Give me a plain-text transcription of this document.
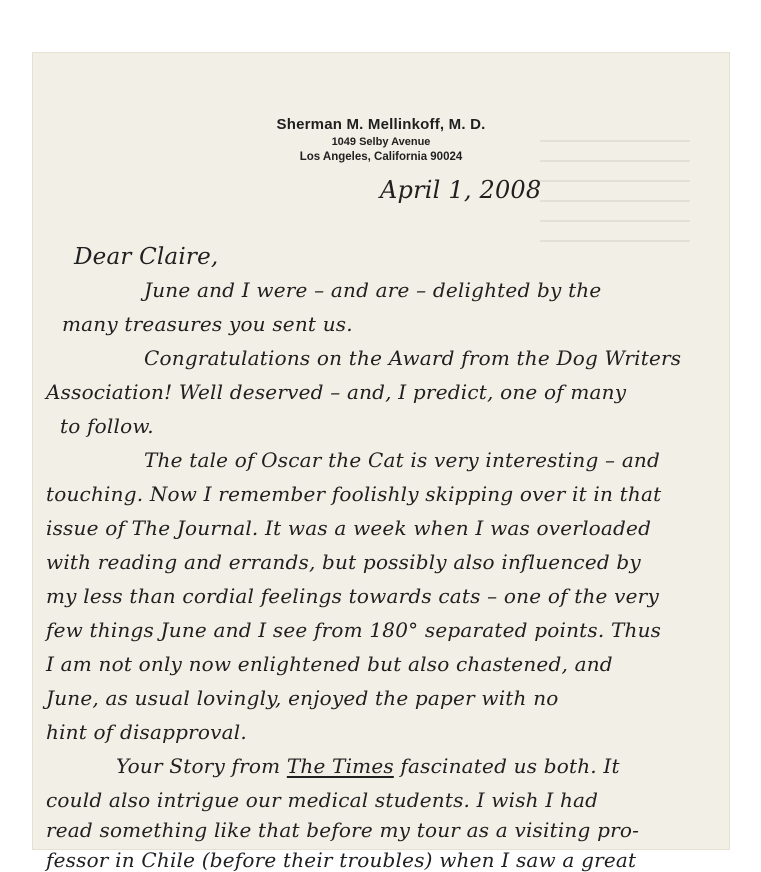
Sherman M. Mellinkoff, M. D.
1049 Selby Avenue
Los Angeles, California 90024
April 1, 2008
Dear Claire,
June and I were – and are – delighted by the
many treasures you sent us.
Congratulations on the Award from the Dog Writers
Association! Well deserved – and, I predict, one of many
to follow.
The tale of Oscar the Cat is very interesting – and
touching. Now I remember foolishly skipping over it in that
issue of The Journal. It was a week when I was overloaded
with reading and errands, but possibly also influenced by
my less than cordial feelings towards cats – one of the very
few things June and I see from 180° separated points. Thus
I am not only now enlightened but also chastened, and
June, as usual lovingly, enjoyed the paper with no
hint of disapproval.
Your Story from The Times fascinated us both. It
could also intrigue our medical students. I wish I had
read something like that before my tour as a visiting pro-
fessor in Chile (before their troubles) when I saw a great
